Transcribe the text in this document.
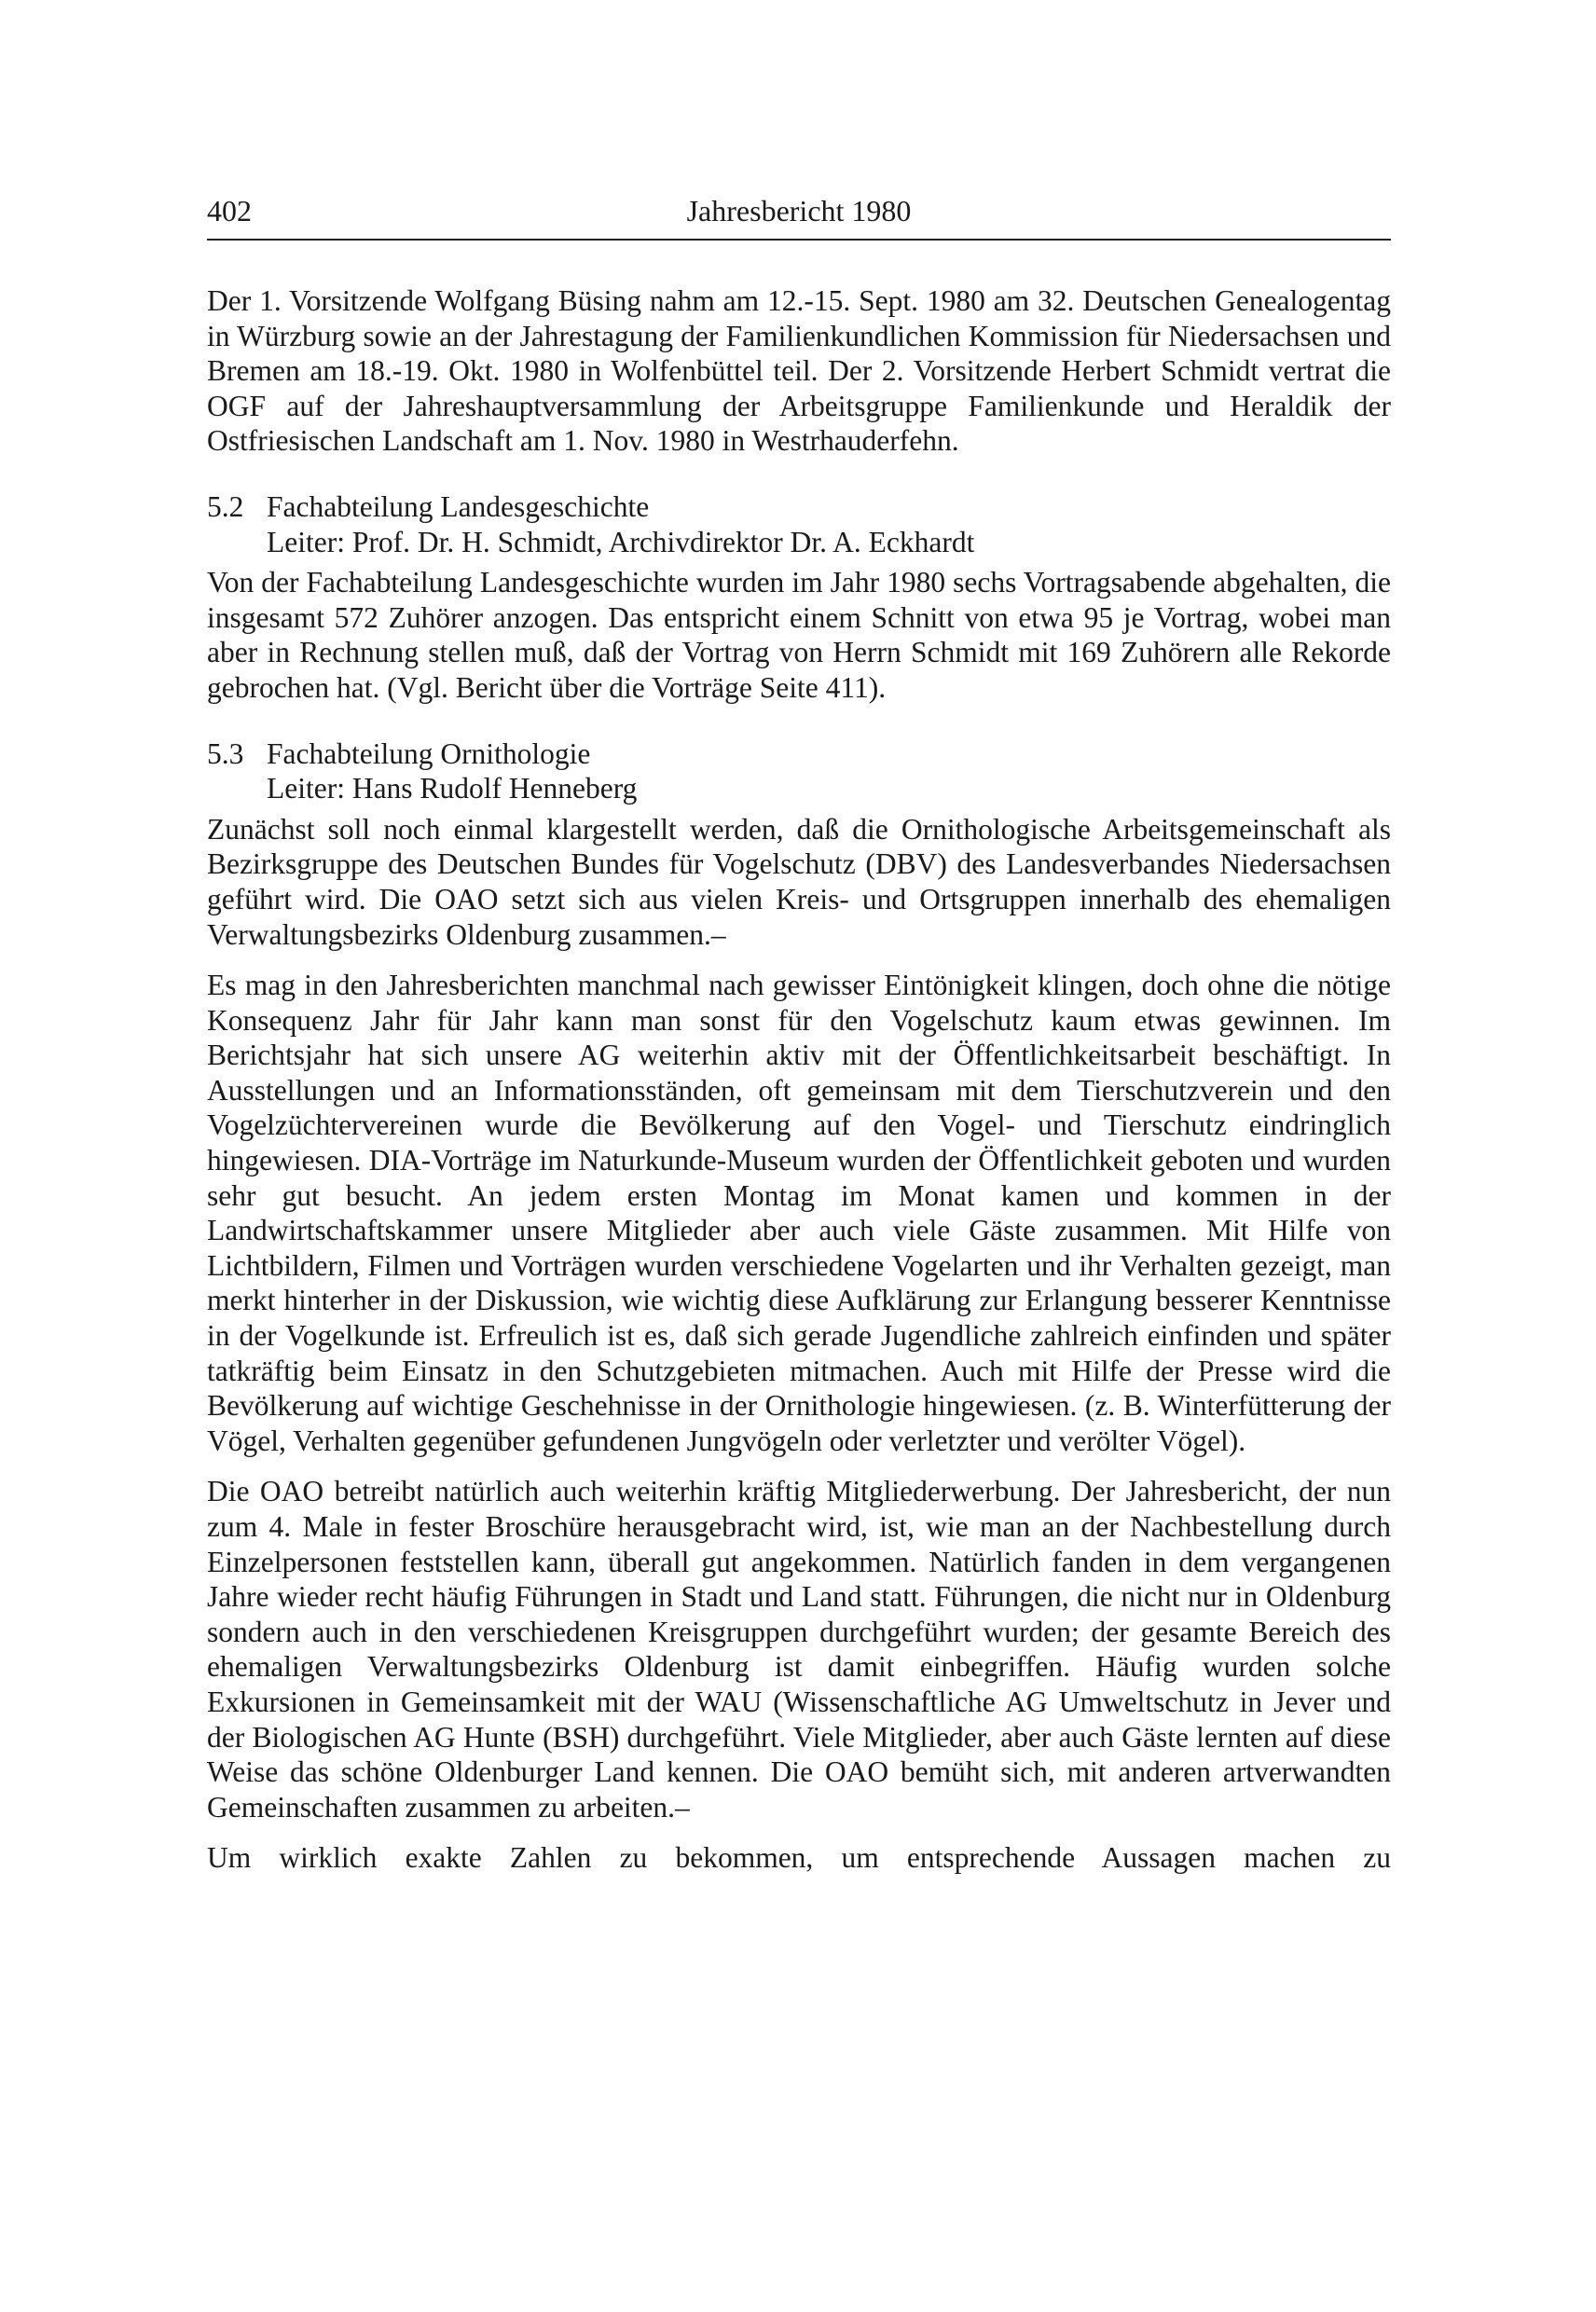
402	Jahresbericht 1980

Der 1. Vorsitzende Wolfgang Büsing nahm am 12.-15. Sept. 1980 am 32. Deutschen Genealogentag in Würzburg sowie an der Jahrestagung der Familienkundlichen Kommission für Niedersachsen und Bremen am 18.-19. Okt. 1980 in Wolfenbüttel teil. Der 2. Vorsitzende Herbert Schmidt vertrat die OGF auf der Jahreshauptversammlung der Arbeitsgruppe Familienkunde und Heraldik der Ostfriesischen Landschaft am 1. Nov. 1980 in Westrhauderfehn.

5.2 Fachabteilung Landesgeschichte
Leiter: Prof. Dr. H. Schmidt, Archivdirektor Dr. A. Eckhardt

Von der Fachabteilung Landesgeschichte wurden im Jahr 1980 sechs Vortragsabende abgehalten, die insgesamt 572 Zuhörer anzogen. Das entspricht einem Schnitt von etwa 95 je Vortrag, wobei man aber in Rechnung stellen muß, daß der Vortrag von Herrn Schmidt mit 169 Zuhörern alle Rekorde gebrochen hat. (Vgl. Bericht über die Vorträge Seite 411).

5.3 Fachabteilung Ornithologie
Leiter: Hans Rudolf Henneberg

Zunächst soll noch einmal klargestellt werden, daß die Ornithologische Arbeitsgemeinschaft als Bezirksgruppe des Deutschen Bundes für Vogelschutz (DBV) des Landesverbandes Niedersachsen geführt wird. Die OAO setzt sich aus vielen Kreis- und Ortsgruppen innerhalb des ehemaligen Verwaltungsbezirks Oldenburg zusammen.–

Es mag in den Jahresberichten manchmal nach gewisser Eintönigkeit klingen, doch ohne die nötige Konsequenz Jahr für Jahr kann man sonst für den Vogelschutz kaum etwas gewinnen. Im Berichtsjahr hat sich unsere AG weiterhin aktiv mit der Öffentlichkeitsarbeit beschäftigt. In Ausstellungen und an Informationsständen, oft gemeinsam mit dem Tierschutzverein und den Vogelzüchtervereinen wurde die Bevölkerung auf den Vogel- und Tierschutz eindringlich hingewiesen. DIA-Vorträge im Naturkunde-Museum wurden der Öffentlichkeit geboten und wurden sehr gut besucht. An jedem ersten Montag im Monat kamen und kommen in der Landwirtschaftskammer unsere Mitglieder aber auch viele Gäste zusammen. Mit Hilfe von Lichtbildern, Filmen und Vorträgen wurden verschiedene Vogelarten und ihr Verhalten gezeigt, man merkt hinterher in der Diskussion, wie wichtig diese Aufklärung zur Erlangung besserer Kenntnisse in der Vogelkunde ist. Erfreulich ist es, daß sich gerade Jugendliche zahlreich einfinden und später tatkräftig beim Einsatz in den Schutzgebieten mitmachen. Auch mit Hilfe der Presse wird die Bevölkerung auf wichtige Geschehnisse in der Ornithologie hingewiesen. (z. B. Winterfütterung der Vögel, Verhalten gegenüber gefundenen Jungvögeln oder verletzter und verölter Vögel).

Die OAO betreibt natürlich auch weiterhin kräftig Mitgliederwerbung. Der Jahresbericht, der nun zum 4. Male in fester Broschüre herausgebracht wird, ist, wie man an der Nachbestellung durch Einzelpersonen feststellen kann, überall gut angekommen. Natürlich fanden in dem vergangenen Jahre wieder recht häufig Führungen in Stadt und Land statt. Führungen, die nicht nur in Oldenburg sondern auch in den verschiedenen Kreisgruppen durchgeführt wurden; der gesamte Bereich des ehemaligen Verwaltungsbezirks Oldenburg ist damit einbegriffen. Häufig wurden solche Exkursionen in Gemeinsamkeit mit der WAU (Wissenschaftliche AG Umweltschutz in Jever und der Biologischen AG Hunte (BSH) durchgeführt. Viele Mitglieder, aber auch Gäste lernten auf diese Weise das schöne Oldenburger Land kennen. Die OAO bemüht sich, mit anderen artverwandten Gemeinschaften zusammen zu arbeiten.–

Um wirklich exakte Zahlen zu bekommen, um entsprechende Aussagen machen zu
